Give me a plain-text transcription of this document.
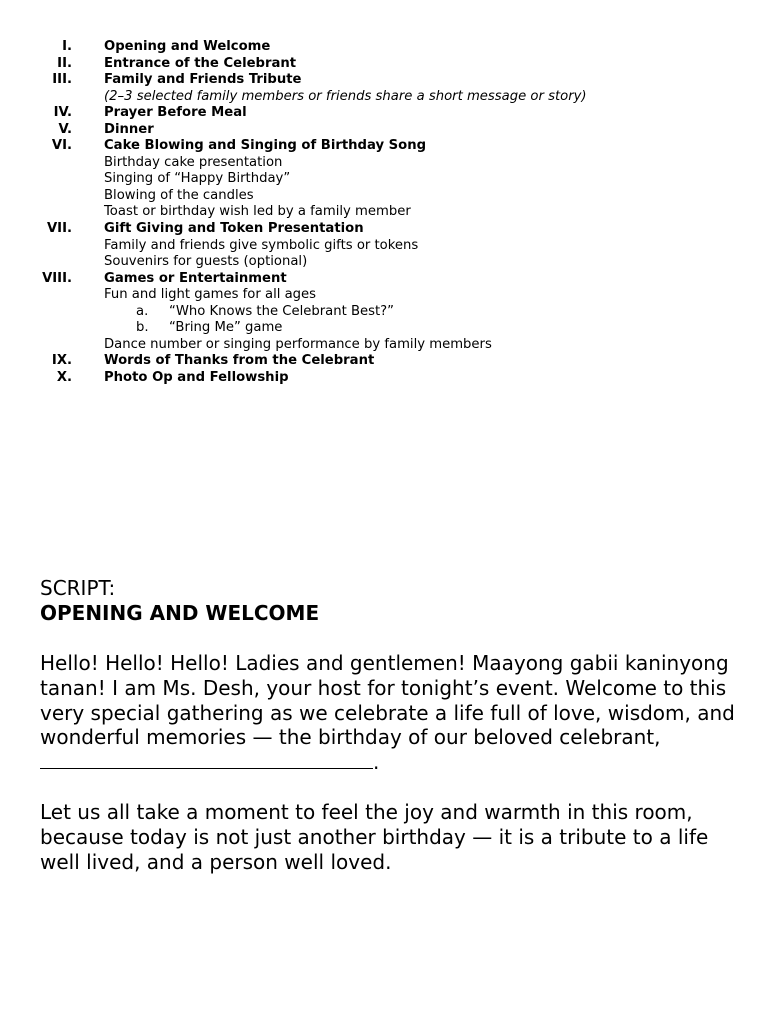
I. Opening and Welcome
II. Entrance of the Celebrant
III. Family and Friends Tribute
(2–3 selected family members or friends share a short message or story)
IV. Prayer Before Meal
V. Dinner
VI. Cake Blowing and Singing of Birthday Song
Birthday cake presentation
Singing of “Happy Birthday”
Blowing of the candles
Toast or birthday wish led by a family member
VII. Gift Giving and Token Presentation
Family and friends give symbolic gifts or tokens
Souvenirs for guests (optional)
VIII. Games or Entertainment
Fun and light games for all ages
a. “Who Knows the Celebrant Best?”
b. “Bring Me” game
Dance number or singing performance by family members
IX. Words of Thanks from the Celebrant
X. Photo Op and Fellowship
SCRIPT:
OPENING AND WELCOME

Hello! Hello! Hello! Ladies and gentlemen! Maayong gabii kaninyong tanan! I am Ms. Desh, your host for tonight’s event. Welcome to this very special gathering as we celebrate a life full of love, wisdom, and wonderful memories — the birthday of our beloved celebrant, .

Let us all take a moment to feel the joy and warmth in this room, because today is not just another birthday — it is a tribute to a life well lived, and a person well loved.
